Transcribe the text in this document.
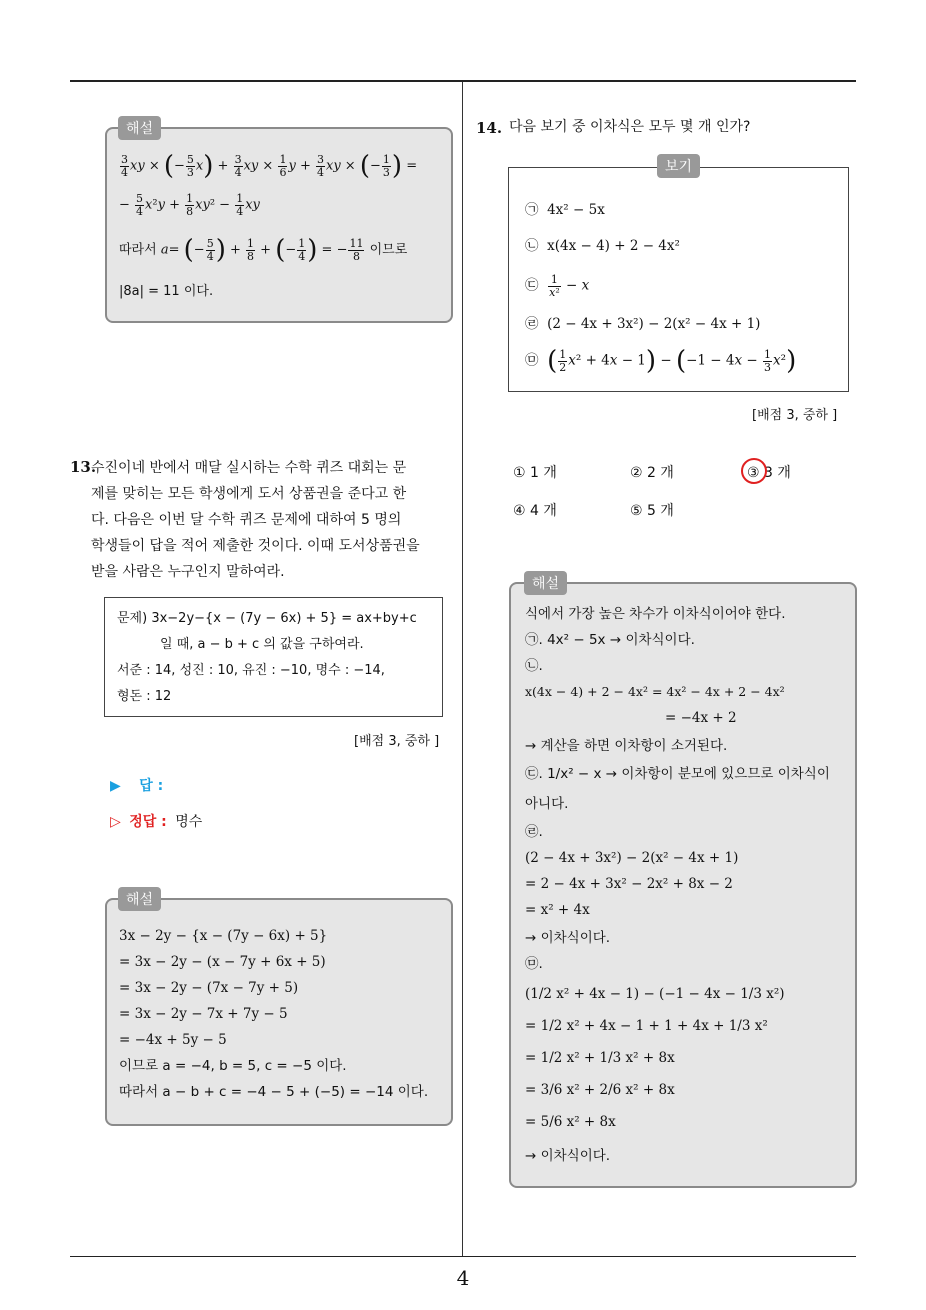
$\frac{3}{4}$ xy × (− $\frac{5}{3} x) + \frac{3}{4}$ xy × $\frac{1}{6}$ $y + \frac{3}{4}$ xy × (− $\frac{1}{3}$ ) =
− $\frac{5}{4} x^2y + \frac{1}{8} xy^2 - \frac{1}{4}$ xy
따라서 a= (− $\frac{5}{4}$ ) + $\frac{1}{8}$ + (− $\frac{1}{4}$ ) = − $\frac{11}{8}$ 이므로
|8a| = 11 이다.
해설
13.
수진이네 반에서 매달 실시하는 수학 퀴즈 대회는 문
제를 맞히는 모든 학생에게 도서 상품권을 준다고 한
다. 다음은 이번 달 수학 퀴즈 문제에 대하여 5 명의
학생들이 답을 적어 제출한 것이다. 이때 도서상품권을
받을 사람은 누구인지 말하여라.
문제) 3x−2y−{x − (7y − 6x) + 5} = ax+by+c
일 때, a − b + c 의 값을 구하여라.
서준 : 14, 성진 : 10, 유진 : −10, 명수 : −14,
형돈 : 12
[배점 3, 중하 ]
▶ 답 :
▷ 정답 : 명수
3x − 2y − {x − (7y − 6x) + 5}
= 3x − 2y − (x − 7y + 6x + 5)
= 3x − 2y − (7x − 7y + 5)
= 3x − 2y − 7x + 7y − 5
= −4x + 5y − 5
이므로 a = −4, b = 5, c = −5 이다.
따라서 a − b + c = −4 − 5 + (−5) = −14 이다.
해설
14. 다음 보기 중 이차식은 모두 몇 개 인가?
㉠ 4x² − 5x
㉡ x(4x − 4) + 2 − 4x²
㉢ $\frac{1}{\text{x²}} - x$
㉣ (2 − 4x + 3x²) − 2(x² − 4x + 1)
㉤ ( $\frac{1}{2} x^2 + 4x - 1) - (-1 - 4x - \frac{1}{3} x^2)$
보기
[배점 3, 중하 ]
① 1 개	② 2 개	③ 3 개
④ 4 개	⑤ 5 개
식에서 가장 높은 차수가 이차식이어야 한다.
㉠. 4x² − 5x → 이차식이다.
㉡.
x(4x − 4) + 2 − 4x² = 4x² − 4x + 2 − 4x²
= −4x + 2
→ 계산을 하면 이차항이 소거된다.
㉢. 1/x² − x → 이차항이 분모에 있으므로 이차식이
아니다.
㉣.
(2 − 4x + 3x²) − 2(x² − 4x + 1)
= 2 − 4x + 3x² − 2x² + 8x − 2
= x² + 4x
→ 이차식이다.
㉤.
(1/2 x² + 4x − 1) − (−1 − 4x − 1/3 x²)
= 1/2 x² + 4x − 1 + 1 + 4x + 1/3 x²
= 1/2 x² + 1/3 x² + 8x
= 3/6 x² + 2/6 x² + 8x
= 5/6 x² + 8x
→ 이차식이다.
해설
4
